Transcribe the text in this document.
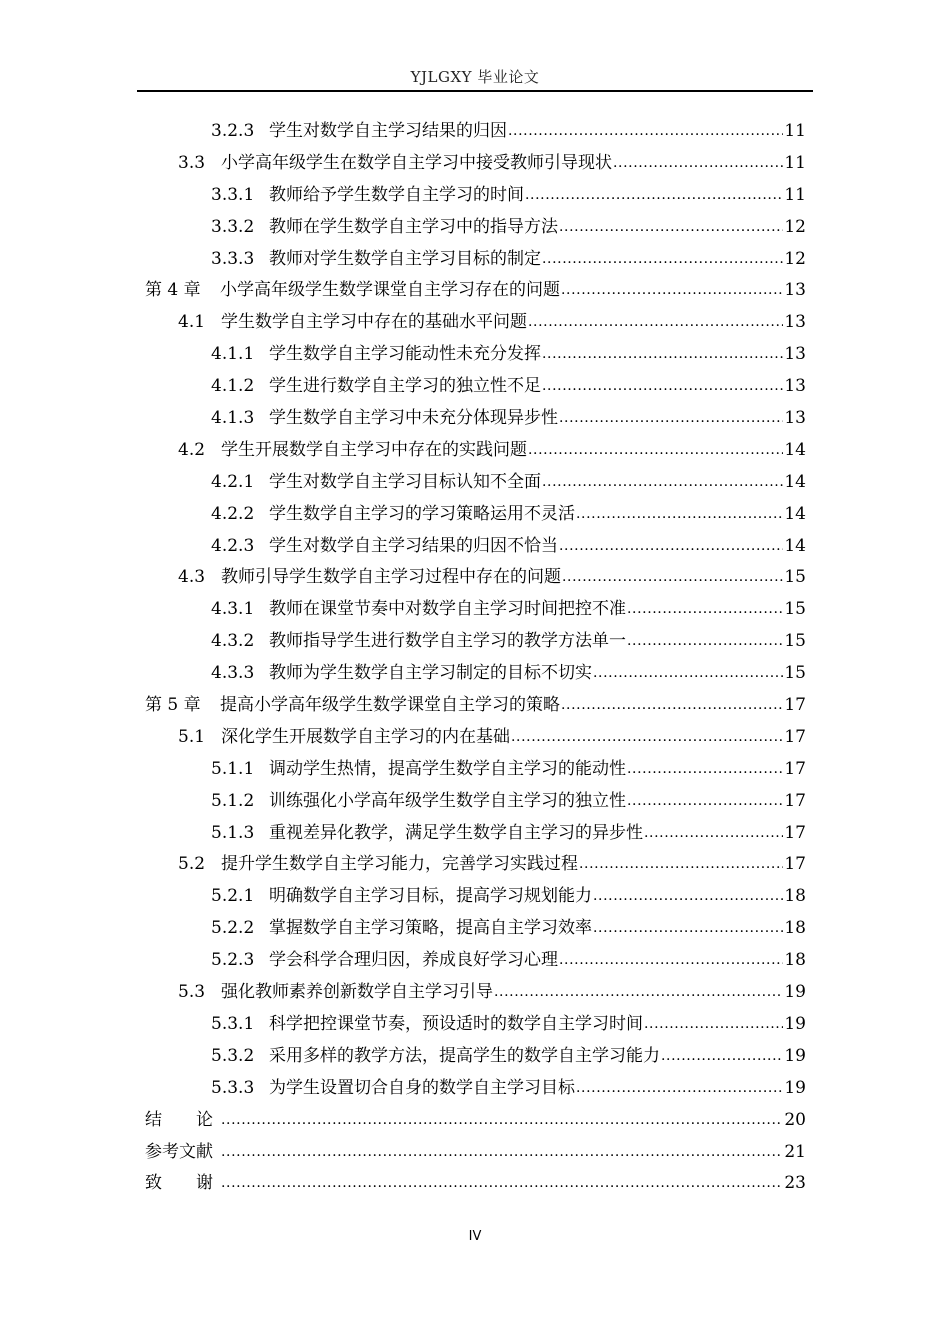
YJLGXY 毕业论文
3.2.3 学生对数学自主学习结果的归因 .....	11
3.3 小学高年级学生在数学自主学习中接受教师引导现状 .....	11
3.3.1 教师给予学生数学自主学习的时间 .....	11
3.3.2 教师在学生数学自主学习中的指导方法 .....	12
3.3.3 教师对学生数学自主学习目标的制定 .....	12
第 4 章	小学高年级学生数学课堂自主学习存在的问题 .....	13
4.1 学生数学自主学习中存在的基础水平问题 .....	13
4.1.1 学生数学自主学习能动性未充分发挥 .....	13
4.1.2 学生进行数学自主学习的独立性不足 .....	13
4.1.3 学生数学自主学习中未充分体现异步性 .....	13
4.2 学生开展数学自主学习中存在的实践问题 .....	14
4.2.1 学生对数学自主学习目标认知不全面 .....	14
4.2.2 学生数学自主学习的学习策略运用不灵活 .....	14
4.2.3 学生对数学自主学习结果的归因不恰当 .....	14
4.3 教师引导学生数学自主学习过程中存在的问题 .....	15
4.3.1 教师在课堂节奏中对数学自主学习时间把控不准 .....	15
4.3.2 教师指导学生进行数学自主学习的教学方法单一 .....	15
4.3.3 教师为学生数学自主学习制定的目标不切实 .....	15
第 5 章	提高小学高年级学生数学课堂自主学习的策略 .....	17
5.1 深化学生开展数学自主学习的内在基础 .....	17
5.1.1 调动学生热情，提高学生数学自主学习的能动性 .....	17
5.1.2 训练强化小学高年级学生数学自主学习的独立性 .....	17
5.1.3 重视差异化教学，满足学生数学自主学习的异步性 .....	17
5.2 提升学生数学自主学习能力，完善学习实践过程 .....	17
5.2.1 明确数学自主学习目标，提高学习规划能力 .....	18
5.2.2 掌握数学自主学习策略，提高自主学习效率 .....	18
5.2.3 学会科学合理归因，养成良好学习心理 .....	18
5.3 强化教师素养创新数学自主学习引导 .....	19
5.3.1 科学把控课堂节奏，预设适时的数学自主学习时间 .....	19
5.3.2 采用多样的教学方法，提高学生的数学自主学习能力 .....	19
5.3.3 为学生设置切合自身的数学自主学习目标 .....	19
结　　论 .....	20
参考文献 .....	21
致　　谢 .....	23
IV
